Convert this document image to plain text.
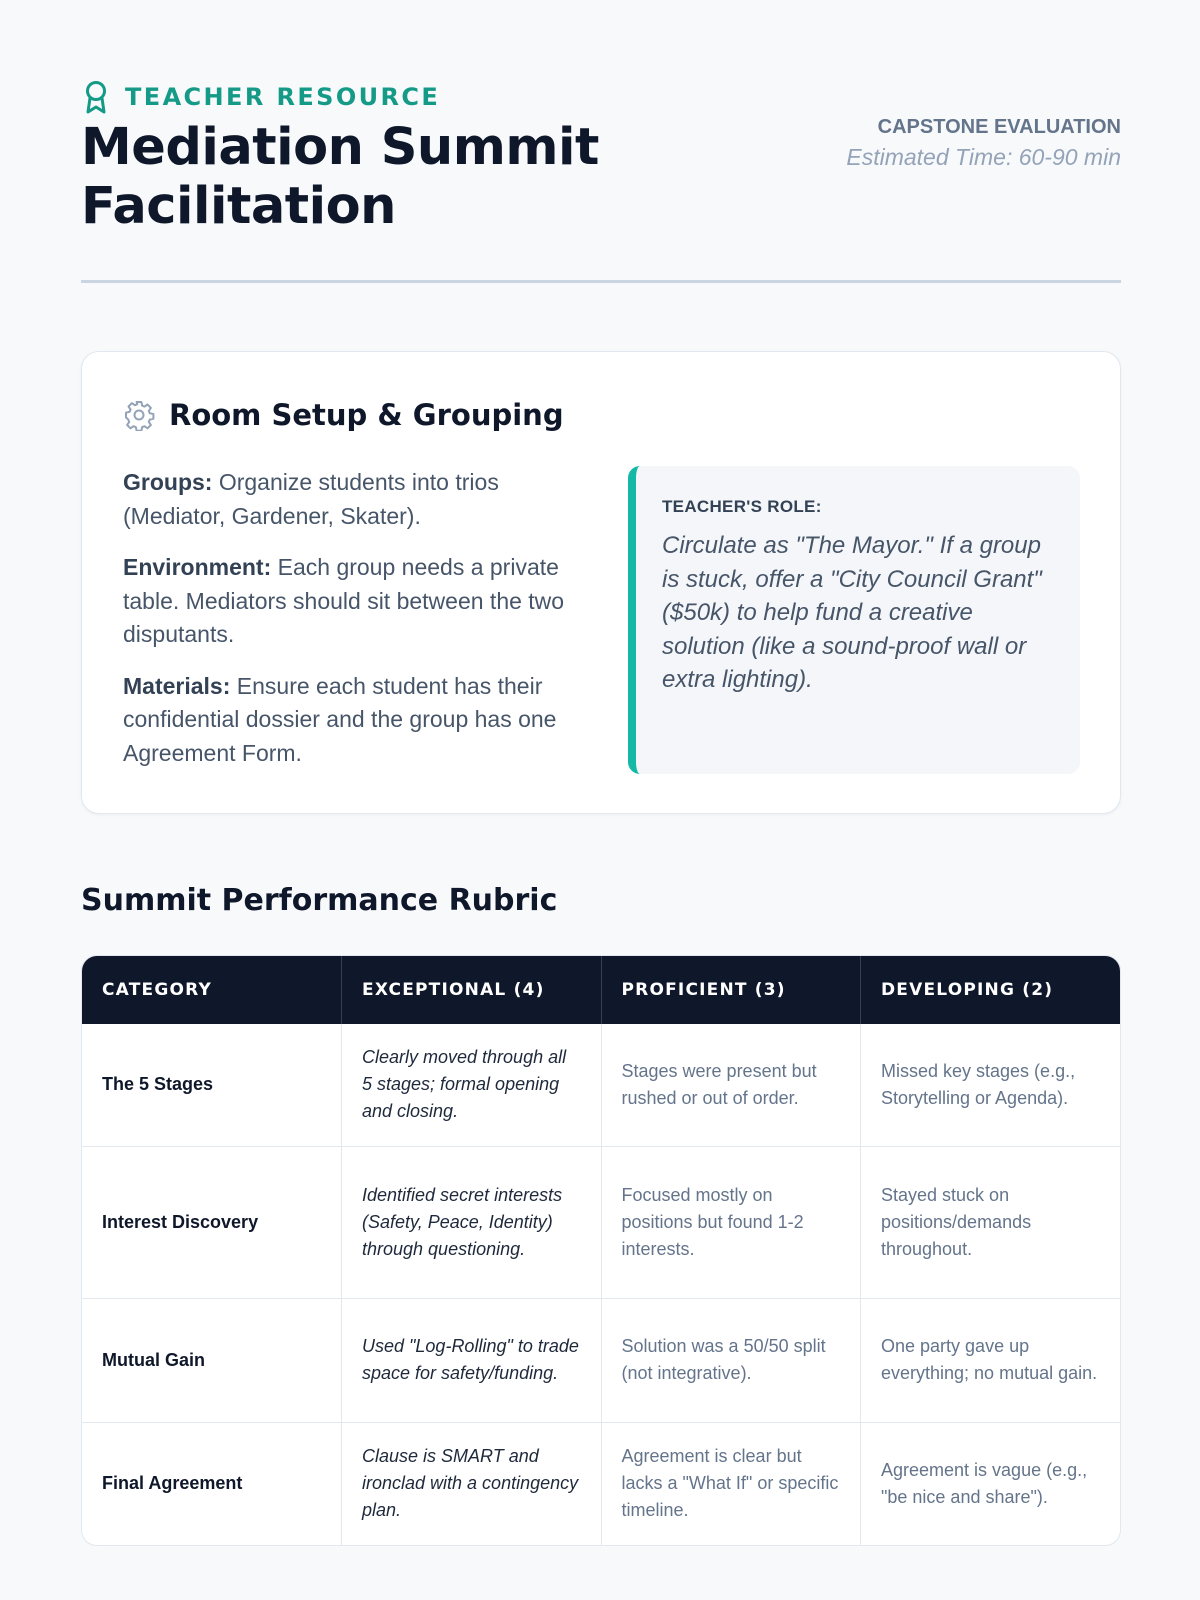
TEACHER RESOURCE
Mediation Summit Facilitation
CAPSTONE EVALUATION
Estimated Time: 60-90 min
Room Setup & Grouping

Groups: Organize students into trios (Mediator, Gardener, Skater).

Environment: Each group needs a private table. Mediators should sit between the two disputants.

Materials: Ensure each student has their confidential dossier and the group has one Agreement Form.

TEACHER'S ROLE:
Circulate as "The Mayor." If a group is stuck, offer a "City Council Grant" ($50k) to help fund a creative solution (like a sound-proof wall or extra lighting).
Summit Performance Rubric
CATEGORY	EXCEPTIONAL (4)	PROFICIENT (3)	DEVELOPING (2)
The 5 Stages	Clearly moved through all 5 stages; formal opening and closing.	Stages were present but rushed or out of order.	Missed key stages (e.g., Storytelling or Agenda).
Interest Discovery	Identified secret interests (Safety, Peace, Identity) through questioning.	Focused mostly on positions but found 1-2 interests.	Stayed stuck on positions/demands throughout.
Mutual Gain	Used "Log-Rolling" to trade space for safety/funding.	Solution was a 50/50 split (not integrative).	One party gave up everything; no mutual gain.
Final Agreement	Clause is SMART and ironclad with a contingency plan.	Agreement is clear but lacks a "What If" or specific timeline.	Agreement is vague (e.g., "be nice and share").
